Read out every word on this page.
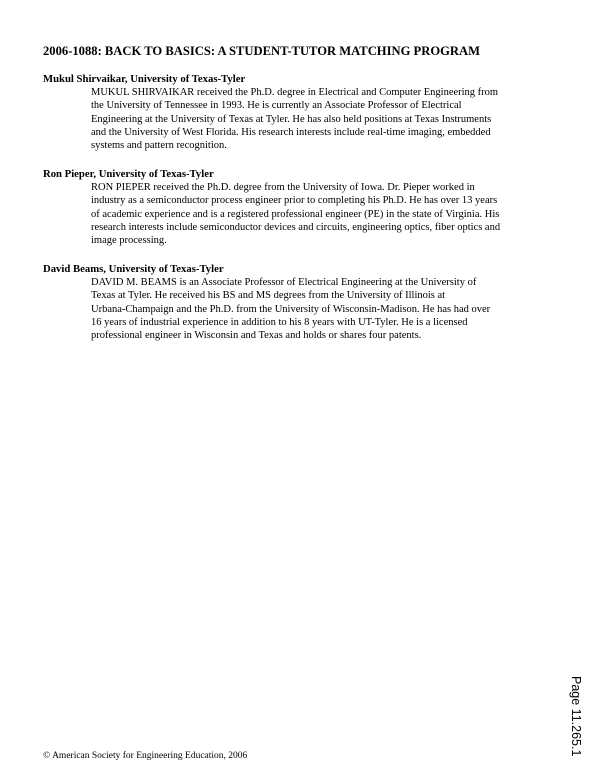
2006-1088: BACK TO BASICS: A STUDENT-TUTOR MATCHING PROGRAM
Mukul Shirvaikar, University of Texas-Tyler
MUKUL SHIRVAIKAR received the Ph.D. degree in Electrical and Computer Engineering from
the University of Tennessee in 1993. He is currently an Associate Professor of Electrical
Engineering at the University of Texas at Tyler. He has also held positions at Texas Instruments
and the University of West Florida. His research interests include real-time imaging, embedded
systems and pattern recognition.
Ron Pieper, University of Texas-Tyler
RON PIEPER received the Ph.D. degree from the University of Iowa. Dr. Pieper worked in
industry as a semiconductor process engineer prior to completing his Ph.D. He has over 13 years
of academic experience and is a registered professional engineer (PE) in the state of Virginia. His
research interests include semiconductor devices and circuits, engineering optics, fiber optics and
image processing.
David Beams, University of Texas-Tyler
DAVID M. BEAMS is an Associate Professor of Electrical Engineering at the University of
Texas at Tyler. He received his BS and MS degrees from the University of Illinois at
Urbana-Champaign and the Ph.D. from the University of Wisconsin-Madison. He has had over
16 years of industrial experience in addition to his 8 years with UT-Tyler. He is a licensed
professional engineer in Wisconsin and Texas and holds or shares four patents.
Page 11.265.1
© American Society for Engineering Education, 2006
